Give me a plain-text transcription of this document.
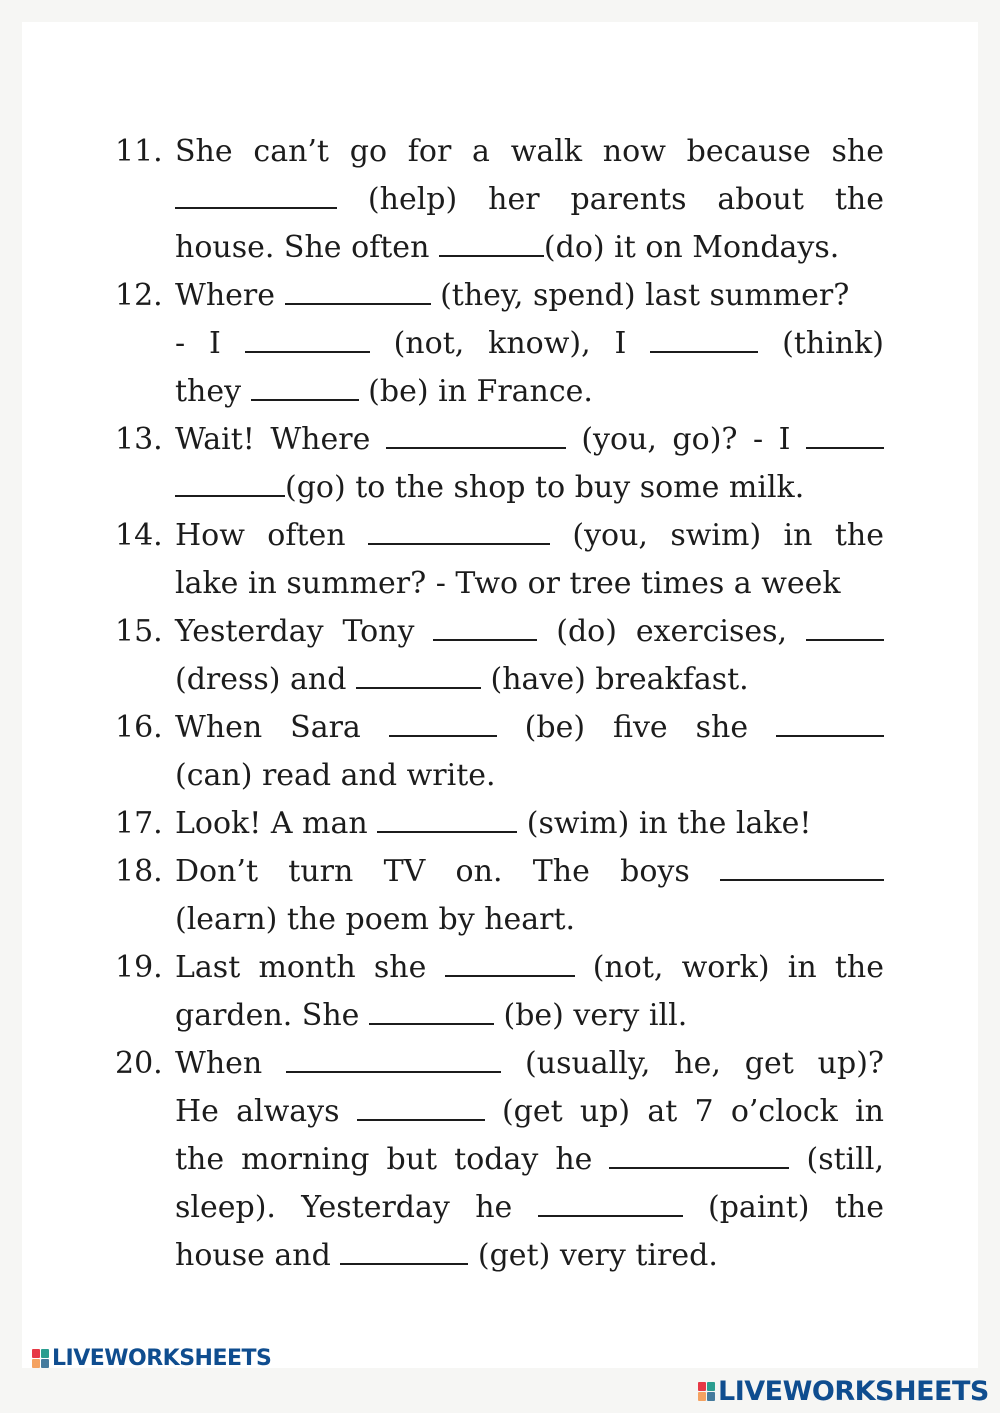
11. She can’t go for a walk now because she
(help) her parents about the
house. She often	(do) it on Mondays.
12. Where	(they, spend) last summer?
- I	(not, know), I	(think)
they	(be) in France.
13. Wait! Where	(you, go)? - I
(go) to the shop to buy some milk.
14. How often	(you, swim) in the
lake in summer? - Two or tree times a week
15. Yesterday Tony	(do) exercises,
(dress) and	(have) breakfast.
16. When Sara	(be) five she
(can) read and write.
17. Look! A man	(swim) in the lake!
18. Don’t turn TV on. The boys
(learn) the poem by heart.
19. Last month she	(not, work) in the
garden. She	(be) very ill.
20. When	(usually, he, get up)?
He always	(get up) at 7 o’clock in
the morning but today he	(still,
sleep). Yesterday he	(paint) the
house and	(get) very tired.
LIVEWORKSHEETS
LIVEWORKSHEETS
